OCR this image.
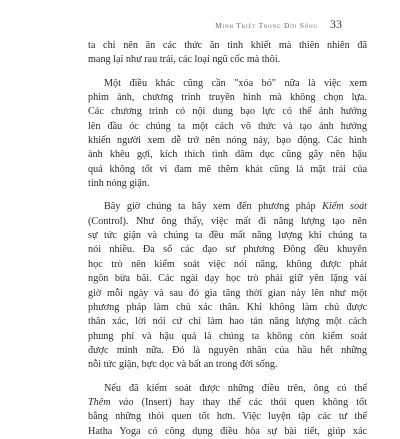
Minh Triết Trong Đời Sống 33
ta chỉ nên ăn các thức ăn tinh khiết mà thiên nhiên đã
mang lại như rau trái, các loại ngũ cốc mà thôi.
Một điều khác cũng cần "xóa bỏ" nữa là việc xem
phim ảnh, chương trình truyền hình mà không chọn lựa.
Các chương trình có nội dung bạo lực có thể ảnh hưởng
lên đầu óc chúng ta một cách vô thức và tạo ảnh hưởng
khiến người xem dễ trở nên nóng nảy, bạo động. Các hình
ảnh khêu gợi, kích thích tình dâm dục cũng gây nên hậu
quả không tốt vì đam mê thêm khát cũng là mặt trái của
tính nóng giận.
Bây giờ chúng ta hãy xem đến phương pháp Kiểm soát
(Control). Như ông thấy, việc mất đi năng lượng tạo nên
sự tức giận và chúng ta đều mất năng lượng khi chúng ta
nói nhiều. Đa số các đạo sư phương Đông đều khuyên
học trò nên kiểm soát việc nói năng, không được phát
ngôn bừa bãi. Các ngài dạy học trò phải giữ yên lặng vài
giờ mỗi ngày và sau đó gia tăng thời gian này lên như một
phương pháp làm chủ xác thân. Khi không làm chủ được
thân xác, lời nói cứ chỉ làm hao tán năng lượng một cách
phung phí và hậu quả là chúng ta không còn kiểm soát
được mình nữa. Đó là nguyên nhân của hầu hết những
nỗi tức giận, bực dọc và bất an trong đời sống.
Nếu đã kiểm soát được những điều trên, ông có thể
Thêm vào (Insert) hay thay thế các thói quen không tốt
bằng những thói quen tốt hơn. Việc luyện tập các tư thế
Hatha Yoga có công dụng điều hòa sự bài tiết, giúp xác
